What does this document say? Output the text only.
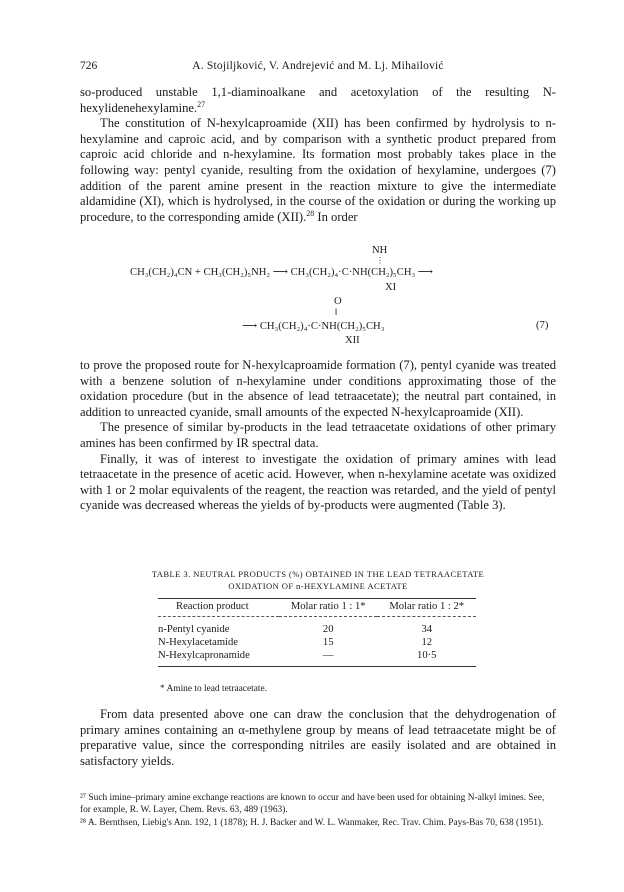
726	A. Stojiljković, V. Andrejević and M. Lj. Mihailović

so-produced unstable 1,1-diaminoalkane and acetoxylation of the resulting N-hexylidenehexylamine.$^{27}$

The constitution of N-hexylcaproamide (XII) has been confirmed by hydrolysis to n-hexylamine and caproic acid, and by comparison with a synthetic product prepared from caproic acid chloride and n-hexylamine. Its formation most probably takes place in the following way: pentyl cyanide, resulting from the oxidation of hexylamine, undergoes (7) addition of the parent amine present in the reaction mixture to give the intermediate aldamidine (XI), which is hydrolysed, in the course of the oxidation or during the working up procedure, to the corresponding amide (XII).$^{28}$ In order

NH
⋮
CH₃(CH₂)₄CN + CH₃(CH₂)₅NH₂ ⟶ CH₃(CH₂)₄·C·NH(CH₂)₅CH₃ ⟶
XI
O
‖
⟶ CH₃(CH₂)₄·C·NH(CH₂)₅CH₃
XII
(7)

to prove the proposed route for N-hexylcaproamide formation (7), pentyl cyanide was treated with a benzene solution of n-hexylamine under conditions approximating those of the oxidation procedure (but in the absence of lead tetraacetate); the neutral part contained, in addition to unreacted cyanide, small amounts of the expected N-hexylcaproamide (XII).

The presence of similar by-products in the lead tetraacetate oxidations of other primary amines has been confirmed by IR spectral data.

Finally, it was of interest to investigate the oxidation of primary amines with lead tetraacetate in the presence of acetic acid. However, when n-hexylamine acetate was oxidized with 1 or 2 molar equivalents of the reagent, the reaction was retarded, and the yield of pentyl cyanide was decreased whereas the yields of by-products were augmented (Table 3).

TABLE 3. NEUTRAL PRODUCTS (%) OBTAINED IN THE LEAD TETRAACETATE
OXIDATION OF n-HEXYLAMINE ACETATE
Reaction product	Molar ratio 1 : 1*	Molar ratio 1 : 2*
n-Pentyl cyanide	20	34
N-Hexylacetamide	15	12
N-Hexylcapronamide	—	10·5

* Amine to lead tetraacetate.

From data presented above one can draw the conclusion that the dehydrogenation of primary amines containing an α-methylene group by means of lead tetraacetate might be of preparative value, since the corresponding nitriles are easily isolated and are obtained in satisfactory yields.

²⁷ Such imine–primary amine exchange reactions are known to occur and have been used for obtaining N-alkyl imines. See, for example, R. W. Layer, Chem. Revs. 63, 489 (1963).

²⁸ A. Bernthsen, Liebig's Ann. 192, 1 (1878); H. J. Backer and W. L. Wanmaker, Rec. Trav. Chim. Pays-Bas 70, 638 (1951).
